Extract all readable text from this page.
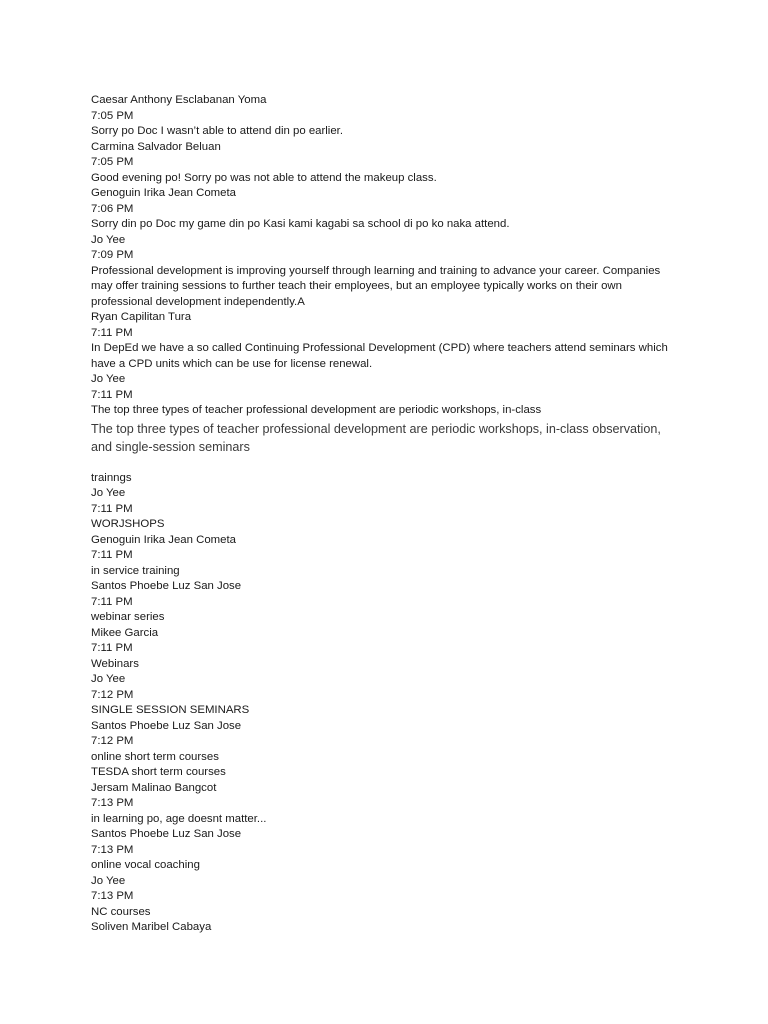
Caesar Anthony Esclabanan Yoma
7:05 PM
Sorry po Doc I wasn’t able to attend din po earlier.
Carmina Salvador Beluan
7:05 PM
Good evening po! Sorry po was not able to attend the makeup class.
Genoguin Irika Jean Cometa
7:06 PM
Sorry din po Doc my game din po Kasi kami kagabi sa school di po ko naka attend.
Jo Yee
7:09 PM
Professional development is improving yourself through learning and training to advance your career. Companies may offer training sessions to further teach their employees, but an employee typically works on their own professional development independently.A
Ryan Capilitan Tura
7:11 PM
In DepEd we have a so called Continuing Professional Development (CPD) where teachers attend seminars which have a CPD units which can be use for license renewal.
Jo Yee
7:11 PM
The top three types of teacher professional development are periodic workshops, in-class
The top three types of teacher professional development are periodic workshops, in-class observation, and single-session seminars
trainngs
Jo Yee
7:11 PM
WORJSHOPS
Genoguin Irika Jean Cometa
7:11 PM
in service training
Santos Phoebe Luz San Jose
7:11 PM
webinar series
Mikee Garcia
7:11 PM
Webinars
Jo Yee
7:12 PM
SINGLE SESSION SEMINARS
Santos Phoebe Luz San Jose
7:12 PM
online short term courses
TESDA short term courses
Jersam Malinao Bangcot
7:13 PM
in learning po, age doesnt matter...
Santos Phoebe Luz San Jose
7:13 PM
online vocal coaching
Jo Yee
7:13 PM
NC courses
Soliven Maribel Cabaya
